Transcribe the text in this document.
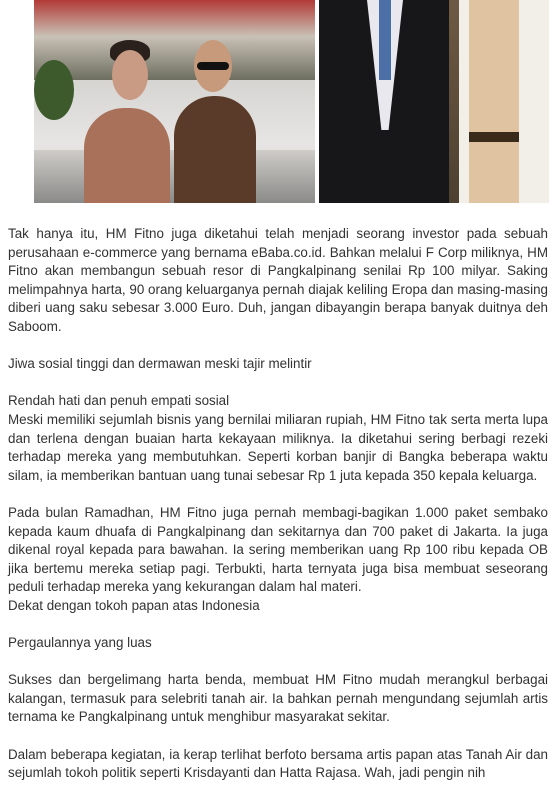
Tak hanya itu, HM Fitno juga diketahui telah menjadi seorang investor pada sebuah perusahaan e-commerce yang bernama eBaba.co.id. Bahkan melalui F Corp miliknya, HM Fitno akan membangun sebuah resor di Pangkalpinang senilai Rp 100 milyar. Saking melimpahnya harta, 90 orang keluarganya pernah diajak keliling Eropa dan masing-masing diberi uang saku sebesar 3.000 Euro. Duh, jangan dibayangin berapa banyak duitnya deh Saboom.

Jiwa sosial tinggi dan dermawan meski tajir melintir

Rendah hati dan penuh empati sosial

Meski memiliki sejumlah bisnis yang bernilai miliaran rupiah, HM Fitno tak serta merta lupa dan terlena dengan buaian harta kekayaan miliknya. Ia diketahui sering berbagi rezeki terhadap mereka yang membutuhkan. Seperti korban banjir di Bangka beberapa waktu silam, ia memberikan bantuan uang tunai sebesar Rp 1 juta kepada 350 kepala keluarga.

Pada bulan Ramadhan, HM Fitno juga pernah membagi-bagikan 1.000 paket sembako kepada kaum dhuafa di Pangkalpinang dan sekitarnya dan 700 paket di Jakarta. Ia juga dikenal royal kepada para bawahan. Ia sering memberikan uang Rp 100 ribu kepada OB jika bertemu mereka setiap pagi. Terbukti, harta ternyata juga bisa membuat seseorang peduli terhadap mereka yang kekurangan dalam hal materi.

Dekat dengan tokoh papan atas Indonesia

Pergaulannya yang luas

Sukses dan bergelimang harta benda, membuat HM Fitno mudah merangkul berbagai kalangan, termasuk para selebriti tanah air. Ia bahkan pernah mengundang sejumlah artis ternama ke Pangkalpinang untuk menghibur masyarakat sekitar.

Dalam beberapa kegiatan, ia kerap terlihat berfoto bersama artis papan atas Tanah Air dan sejumlah tokoh politik seperti Krisdayanti dan Hatta Rajasa. Wah, jadi pengin nih
